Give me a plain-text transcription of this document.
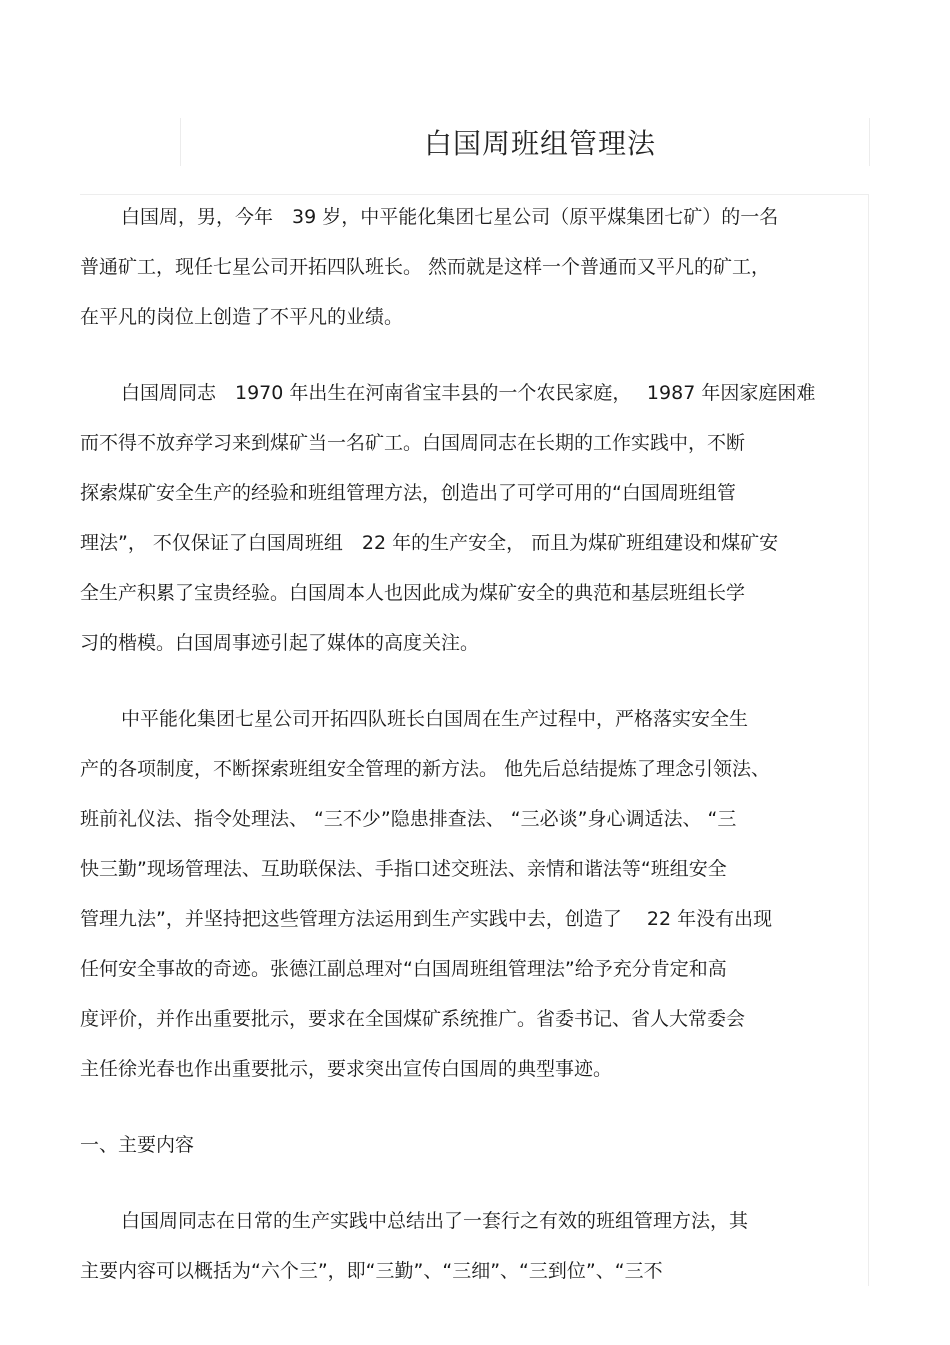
白国周班组管理法
白国周，男，今年　39 岁，中平能化集团七星公司（原平煤集团七矿）的一名
普通矿工，现任七星公司开拓四队班长。 然而就是这样一个普通而又平凡的矿工，
在平凡的岗位上创造了不平凡的业绩。
白国周同志　1970 年出生在河南省宝丰县的一个农民家庭，　 1987 年因家庭困难
而不得不放弃学习来到煤矿当一名矿工。白国周同志在长期的工作实践中，不断
探索煤矿安全生产的经验和班组管理方法，创造出了可学可用的“白国周班组管
理法”， 不仅保证了白国周班组　22 年的生产安全， 而且为煤矿班组建设和煤矿安
全生产积累了宝贵经验。白国周本人也因此成为煤矿安全的典范和基层班组长学
习的楷模。白国周事迹引起了媒体的高度关注。
中平能化集团七星公司开拓四队班长白国周在生产过程中，严格落实安全生
产的各项制度，不断探索班组安全管理的新方法。 他先后总结提炼了理念引领法、
班前礼仪法、指令处理法、 “三不少”隐患排查法、 “三必谈”身心调适法、 “三
快三勤”现场管理法、互助联保法、手指口述交班法、亲情和谐法等“班组安全
管理九法”，并坚持把这些管理方法运用到生产实践中去，创造了　 22 年没有出现
任何安全事故的奇迹。张德江副总理对“白国周班组管理法”给予充分肯定和高
度评价，并作出重要批示，要求在全国煤矿系统推广。省委书记、省人大常委会
主任徐光春也作出重要批示，要求突出宣传白国周的典型事迹。
一、主要内容
白国周同志在日常的生产实践中总结出了一套行之有效的班组管理方法，其
主要内容可以概括为“六个三”，即“三勤”、“三细”、“三到位”、“三不
